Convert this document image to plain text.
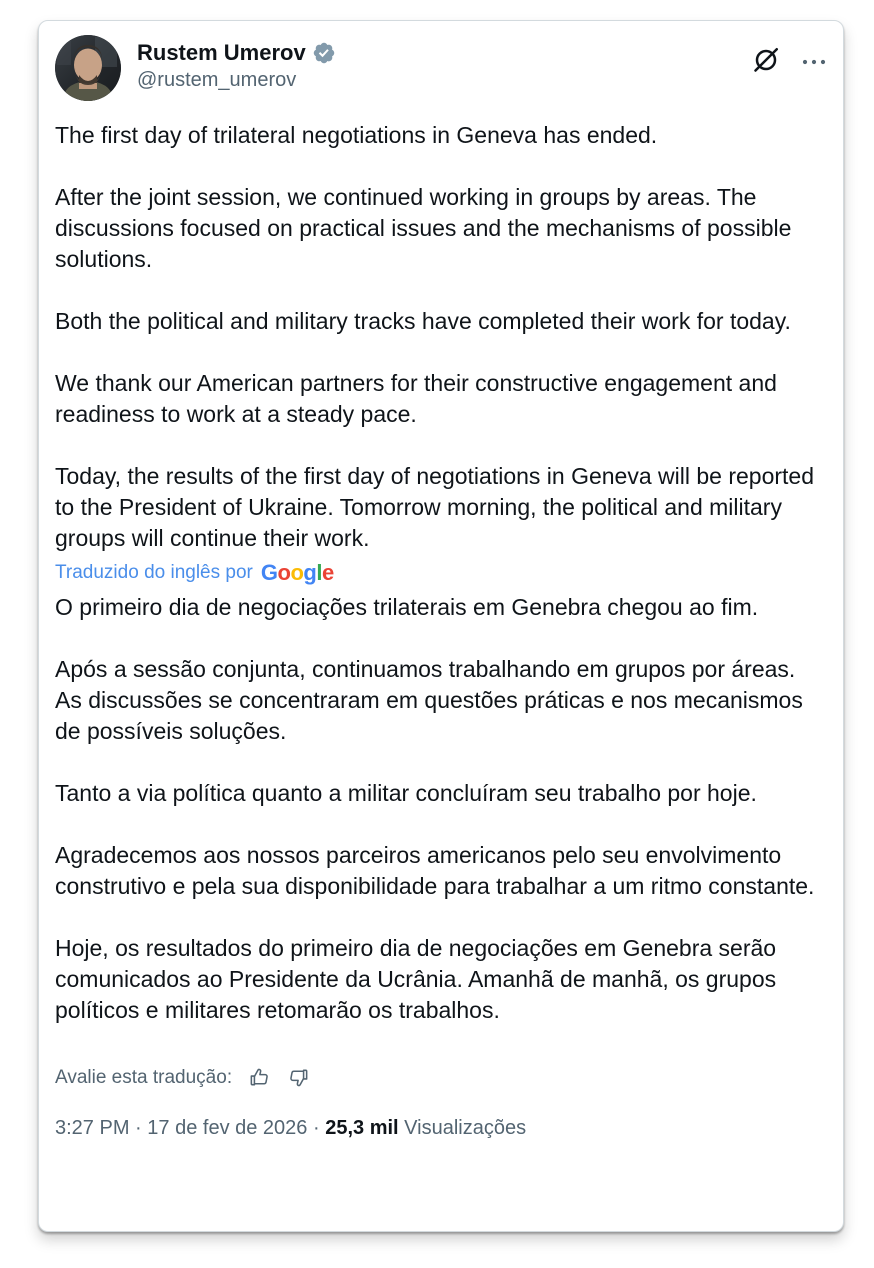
Rustem Umerov
@rustem_umerov

The first day of trilateral negotiations in Geneva has ended.

After the joint session, we continued working in groups by areas. The discussions focused on practical issues and the mechanisms of possible solutions.

Both the political and military tracks have completed their work for today.

We thank our American partners for their constructive engagement and readiness to work at a steady pace.

Today, the results of the first day of negotiations in Geneva will be reported to the President of Ukraine. Tomorrow morning, the political and military groups will continue their work.

Traduzido do inglês por G o o g l e

O primeiro dia de negociações trilaterais em Genebra chegou ao fim.

Após a sessão conjunta, continuamos trabalhando em grupos por áreas. As discussões se concentraram em questões práticas e nos mecanismos de possíveis soluções.

Tanto a via política quanto a militar concluíram seu trabalho por hoje.

Agradecemos aos nossos parceiros americanos pelo seu envolvimento construtivo e pela sua disponibilidade para trabalhar a um ritmo constante.

Hoje, os resultados do primeiro dia de negociações em Genebra serão comunicados ao Presidente da Ucrânia. Amanhã de manhã, os grupos políticos e militares retomarão os trabalhos.

Avalie esta tradução:
3:27 PM · 17 de fev de 2026 · 25,3 mil Visualizações
